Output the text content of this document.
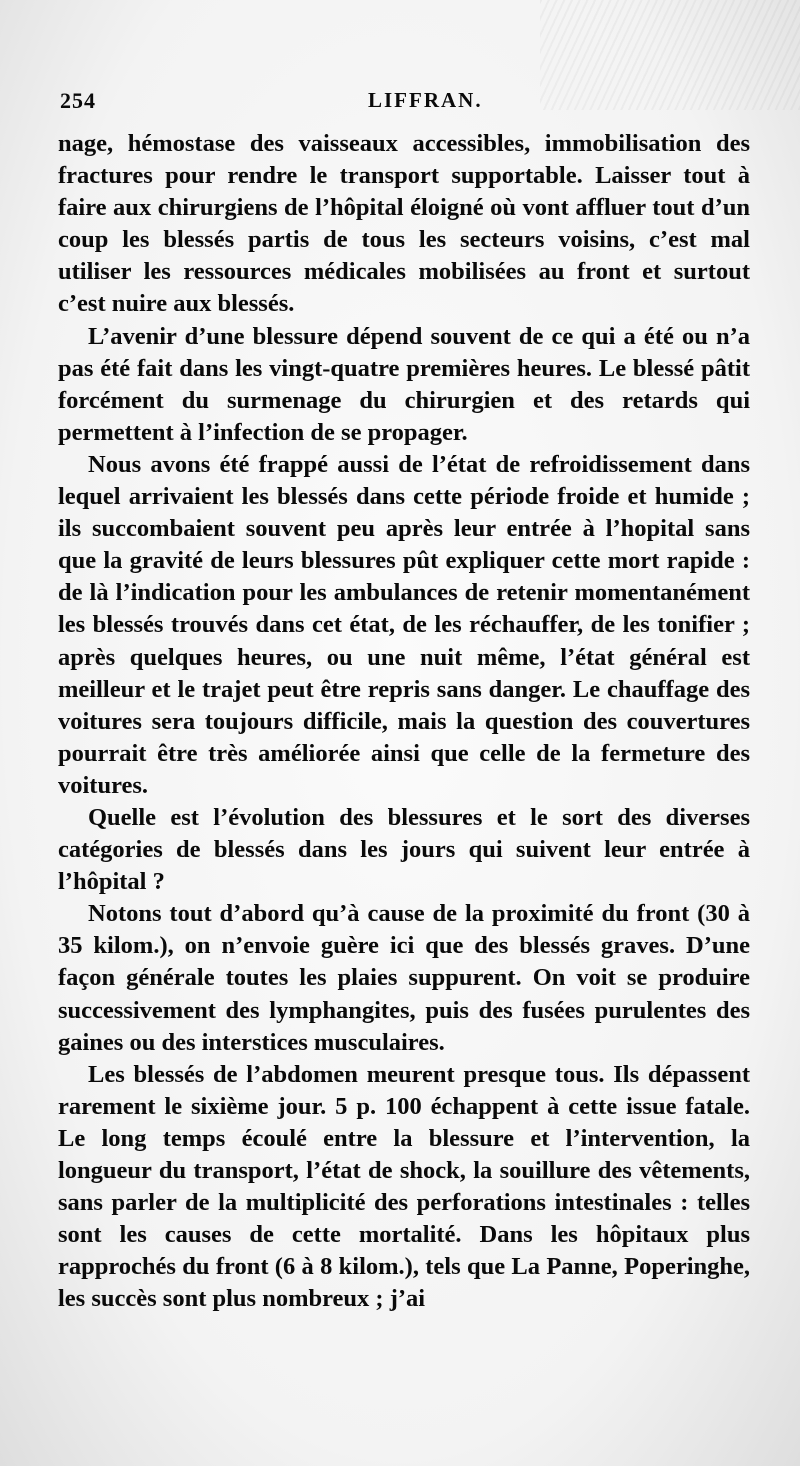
254	LIFFRAN.

nage, hémostase des vaisseaux accessibles, immobilisation des fractures pour rendre le transport supportable. Laisser tout à faire aux chirurgiens de l’hôpital éloigné où vont affluer tout d’un coup les blessés partis de tous les secteurs voisins, c’est mal utiliser les ressources médicales mobilisées au front et surtout c’est nuire aux blessés.

L’avenir d’une blessure dépend souvent de ce qui a été ou n’a pas été fait dans les vingt-quatre premières heures. Le blessé pâtit forcément du surmenage du chirurgien et des retards qui permettent à l’infection de se propager.

Nous avons été frappé aussi de l’état de refroidissement dans lequel arrivaient les blessés dans cette période froide et humide ; ils succombaient souvent peu après leur entrée à l’hopital sans que la gravité de leurs blessures pût expliquer cette mort rapide : de là l’indication pour les ambulances de retenir momentanément les blessés trouvés dans cet état, de les réchauffer, de les tonifier ; après quelques heures, ou une nuit même, l’état général est meilleur et le trajet peut être repris sans danger. Le chauffage des voitures sera toujours difficile, mais la question des couvertures pourrait être très améliorée ainsi que celle de la fermeture des voitures.

Quelle est l’évolution des blessures et le sort des diverses catégories de blessés dans les jours qui suivent leur entrée à l’hôpital ?

Notons tout d’abord qu’à cause de la proximité du front (30 à 35 kilom.), on n’envoie guère ici que des blessés graves. D’une façon générale toutes les plaies suppurent. On voit se produire successivement des lymphangites, puis des fusées purulentes des gaines ou des interstices musculaires.

Les blessés de l’abdomen meurent presque tous. Ils dépassent rarement le sixième jour. 5 p. 100 échappent à cette issue fatale. Le long temps écoulé entre la blessure et l’intervention, la longueur du transport, l’état de shock, la souillure des vêtements, sans parler de la multiplicité des perforations intestinales : telles sont les causes de cette mortalité. Dans les hôpitaux plus rapprochés du front (6 à 8 kilom.), tels que La Panne, Poperinghe, les succès sont plus nombreux ; j’ai
